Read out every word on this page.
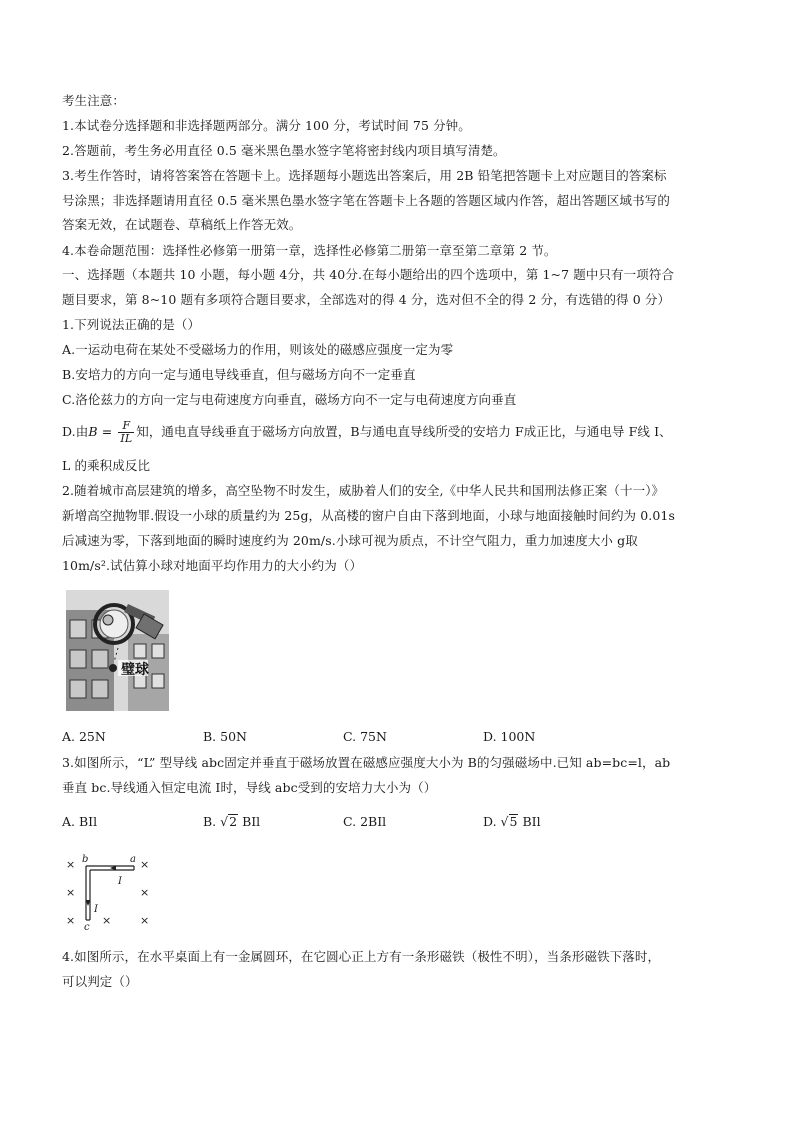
考生注意：
1.本试卷分选择题和非选择题两部分。满分 100 分，考试时间 75 分钟。
2.答题前，考生务必用直径 0.5 毫米黑色墨水签字笔将密封线内项目填写清楚。
3.考生作答时，请将答案答在答题卡上。选择题每小题选出答案后，用 2B 铅笔把答题卡上对应题目的答案标
号涂黑；非选择题请用直径 0.5 毫米黑色墨水签字笔在答题卡上各题的答题区域内作答，超出答题区域书写的
答案无效，在试题卷、草稿纸上作答无效。
4.本卷命题范围：选择性必修第一册第一章，选择性必修第二册第一章至第二章第 2 节。
一、选择题（本题共 10 小题，每小题 4分，共 40分.在每小题给出的四个选项中，第 1~7 题中只有一项符合
题目要求，第 8~10 题有多项符合题目要求，全部选对的得 4 分，选对但不全的得 2 分，有选错的得 0 分）
1.下列说法正确的是（）
A.一运动电荷在某处不受磁场力的作用，则该处的磁感应强度一定为零
B.安培力的方向一定与通电导线垂直，但与磁场方向不一定垂直
C.洛伦兹力的方向一定与电荷速度方向垂直，磁场方向不一定与电荷速度方向垂直
D.由$B = \frac{F}{IL}$ 知，通电直导线垂直于磁场方向放置，B与通电直导线所受的安培力 F成正比，与通电导 F线 I、
L 的乘积成反比
2.随着城市高层建筑的增多，高空坠物不时发生，威胁着人们的安全,《中华人民共和国刑法修正案（十一）》
新增高空抛物罪.假设一小球的质量约为 25g，从高楼的窗户自由下落到地面，小球与地面接触时间约为 0.01s
后减速为零，下落到地面的瞬时速度约为 20m/s.小球可视为质点，不计空气阻力，重力加速度大小 g取
10m/s².试估算小球对地面平均作用力的大小约为（）
璧球
A. 25N	B. 50N	C. 75N	D. 100N
3.如图所示，“L” 型导线 abc固定并垂直于磁场放置在磁感应强度大小为 B的匀强磁场中.已知 ab=bc=l，ab
垂直 bc.导线通入恒定电流 I时，导线 abc受到的安培力大小为（）
A. BIl	B. √2 BIl	C. 2BIl	D. √5 BIl
×	×
×	×
× ×	×
b	a
c
I
I
4.如图所示，在水平桌面上有一金属圆环，在它圆心正上方有一条形磁铁（极性不明），当条形磁铁下落时，
可以判定（）
